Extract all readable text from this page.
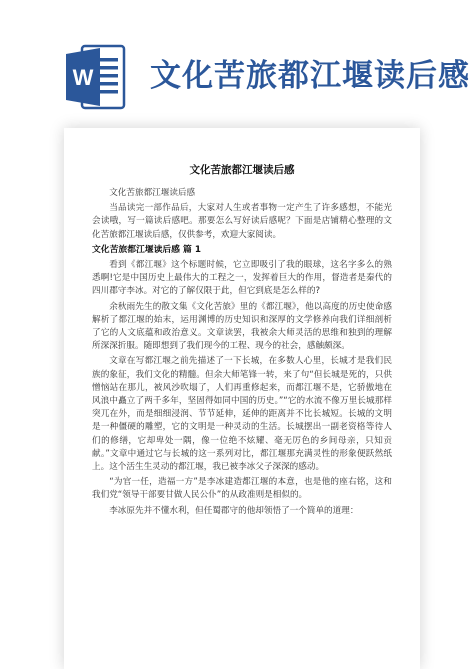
W 文化苦旅都江堰读后感
文化苦旅都江堰读后感
文化苦旅都江堰读后感
当品读完一部作品后，大家对人生或者事物一定产生了许多感想，不能光会读哦，写一篇读后感吧。那要怎么写好读后感呢？下面是店铺精心整理的文化苦旅都江堰读后感，仅供参考，欢迎大家阅读。
文化苦旅都江堰读后感 篇 1
看到《都江堰》这个标题时候，它立即吸引了我的眼球，这名字多么的熟悉啊!它是中国历史上最伟大的工程之一，发挥着巨大的作用，督造者是秦代的四川郡守李冰。对它的了解仅限于此，但它到底是怎么样的?
余秋雨先生的散文集《文化苦旅》里的《都江堰》，他以高度的历史使命感解析了都江堰的始末，运用渊博的历史知识和深厚的文学修养向我们详细剖析了它的人文底蕴和政治意义。文章读罢，我被余大师灵活的思维和独到的理解所深深折服。随即想到了我们现今的工程、现今的社会，感触颇深。
文章在写都江堰之前先描述了一下长城，在多数人心里，长城才是我们民族的象征，我们文化的精髓。但余大师笔锋一转，来了句“但长城是死的，只供憎恼站在那儿，被风沙吹塌了，人们再重修起来，而都江堰不是，它骄傲地在风浪中矗立了两千多年，坚固得如同中国的历史。”“它的水流不像万里长城那样突兀在外，而是细细浸润、节节延伸，延伸的距离并不比长城短。长城的文明是一种僵硬的雕塑，它的文明是一种灵动的生活。长城摆出一副老资格等待人们的修缮，它却卑处一隅，像一位绝不炫耀、毫无厉色的乡间母亲，只知贡献。”文章中通过它与长城的这一系列对比，都江堰那充满灵性的形象便跃然纸上。这个活生生灵动的都江堰，我已被李冰父子深深的感动。
“为官一任，造福一方”是李冰建造都江堰的本意，也是他的座右铭，这和我们党“领导干部要甘做人民公仆”的从政准则是相似的。
李冰原先并不懂水利，但任蜀郡守的他却领悟了一个简单的道理：
